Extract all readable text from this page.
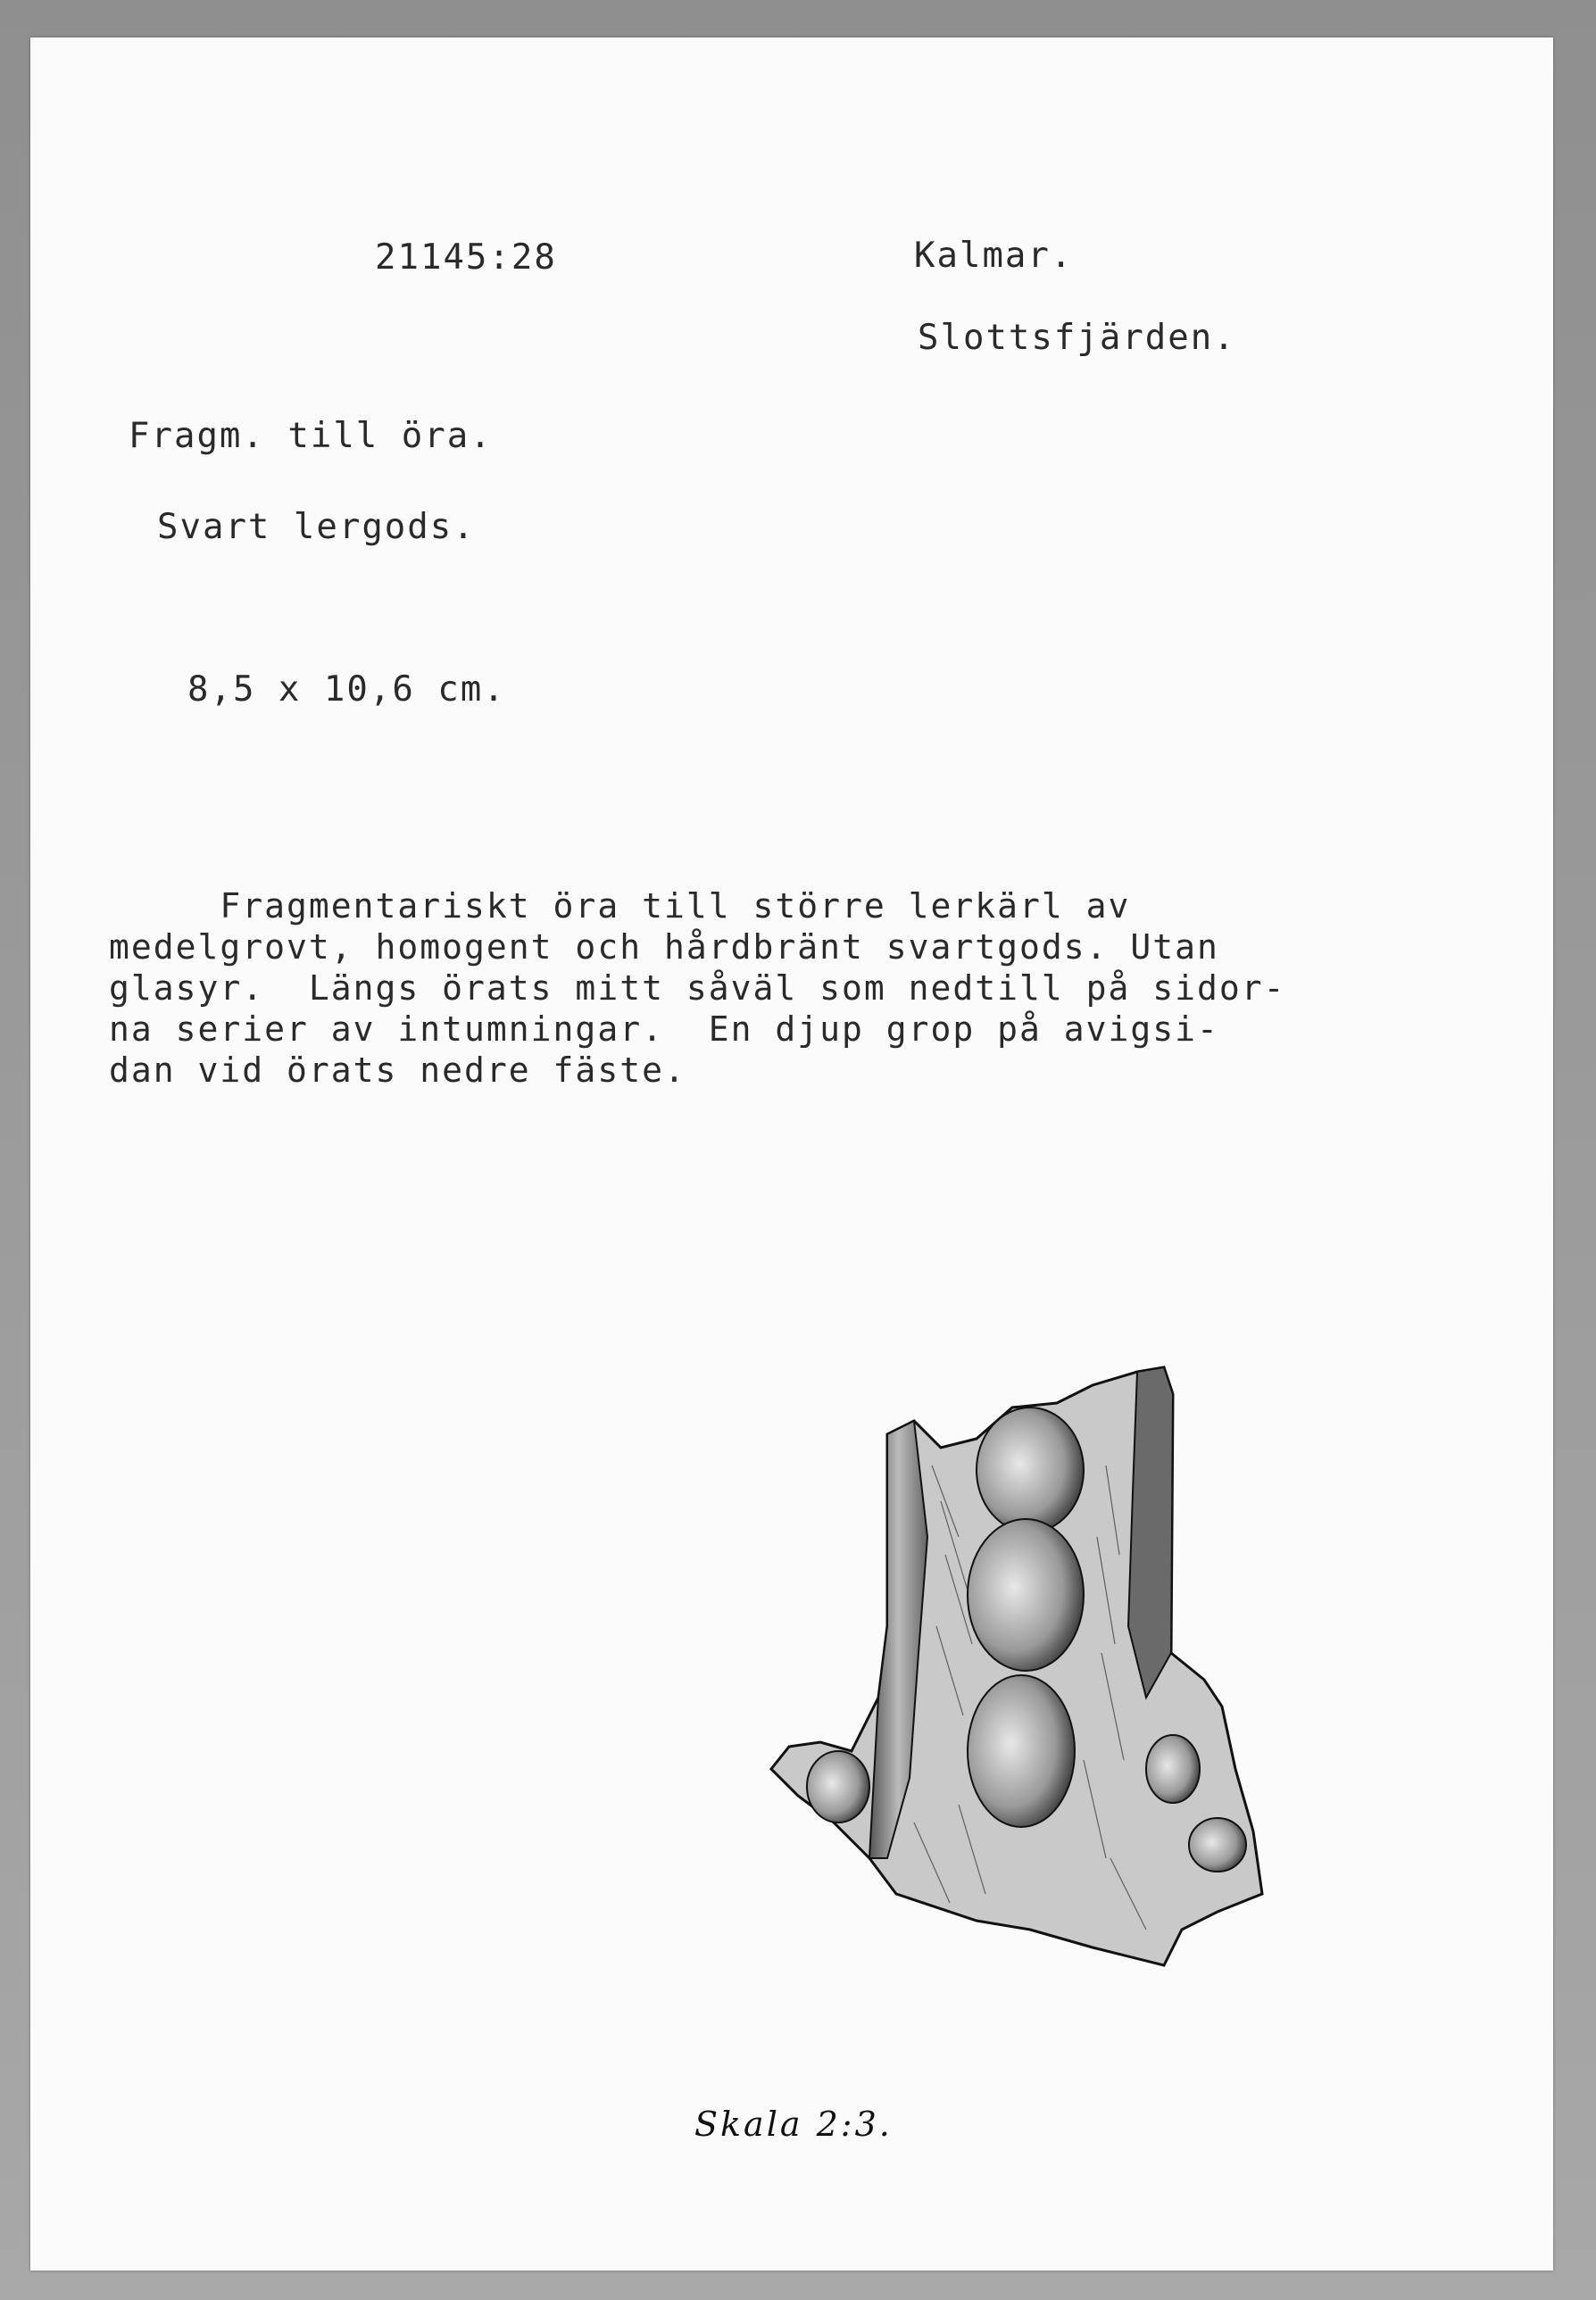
21145:28	Kalmar.
Slottsfjärden.
Fragm. till öra.
Svart lergods.
8,5 x 10,6 cm.
Fragmentariskt öra till större lerkärl av
medelgrovt, homogent och hårdbränt svartgods. Utan
glasyr.  Längs örats mitt såväl som nedtill på sidor-
na serier av intumningar.  En djup grop på avigsi-
dan vid örats nedre fäste.
Skala 2:3.
